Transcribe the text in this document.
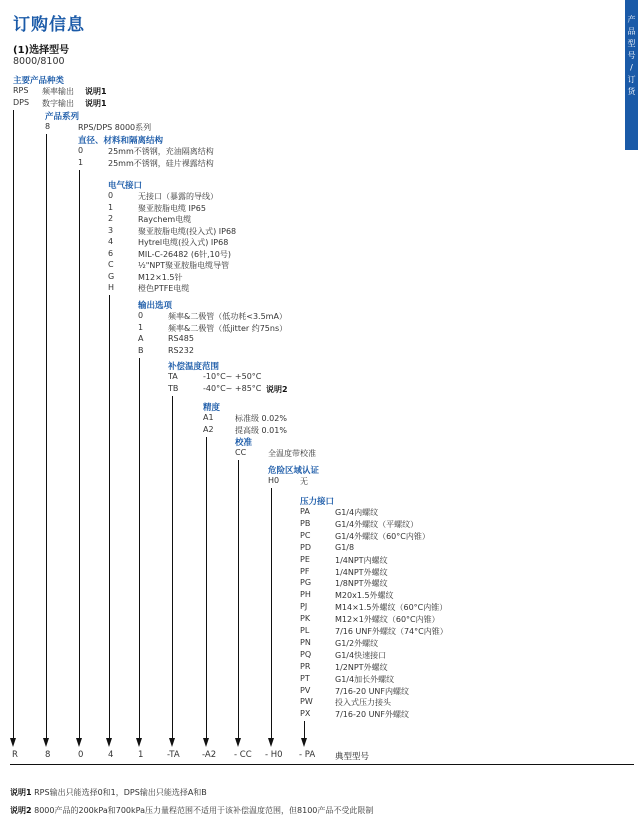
产
品
型
号
/
订
货
订购信息
(1)选择型号
8000/8100
主要产品种类
RPS 频率输出 说明1
DPS 数字输出 说明1
产品系列
8	RPS/DPS 8000系列
直径、材料和隔离结构
0	25mm不锈钢，充油隔离结构
1	25mm不锈钢，硅片裸露结构
电气接口
0	无接口（暴露的导线）
1	聚亚胺脂电缆 IP65
2	Raychem电缆
3	聚亚胺脂电缆(投入式) IP68
4	Hytrel电缆(投入式) IP68
6	MIL-C-26482 (6针,10号)
C	½"NPT聚亚胺脂电缆导管
G	M12×1.5针
H	橙色PTFE电缆
输出选项
0	频率&二极管（低功耗<3.5mA）
1	频率&二极管（低jitter 约75ns）
A	RS485
B	RS232
补偿温度范围
TA	-10°C~ +50°C
TB	-40°C~ +85°C 说明2
精度
A1	标准级 0.02%
A2	提高级 0.01%
校准
CC	全温度带校准
危险区域认证
H0	无
压力接口
PA	G1/4内螺纹
PB	G1/4外螺纹（平螺纹）
PC	G1/4外螺纹（60°C内锥）
PD	G1/8
PE	1/4NPT内螺纹
PF	1/4NPT外螺纹
PG	1/8NPT外螺纹
PH	M20x1.5外螺纹
PJ	M14×1.5外螺纹（60°C内锥）
PK	M12×1外螺纹（60°C内锥）
PL	7/16 UNF外螺纹（74°C内锥）
PN	G1/2外螺纹
PQ	G1/4快速接口
PR	1/2NPT外螺纹
PT	G1/4加长外螺纹
PV	7/16-20 UNF内螺纹
PW	投入式压力接头
PX	7/16-20 UNF外螺纹
R	8	0	4	1	-TA	-A2 - CC - H0 - PA 典型型号
说明1 RPS输出只能选择0和1，DPS输出只能选择A和B
说明2 8000产品的200kPa和700kPa压力量程范围不适用于该补偿温度范围，但8100产品不受此限制
